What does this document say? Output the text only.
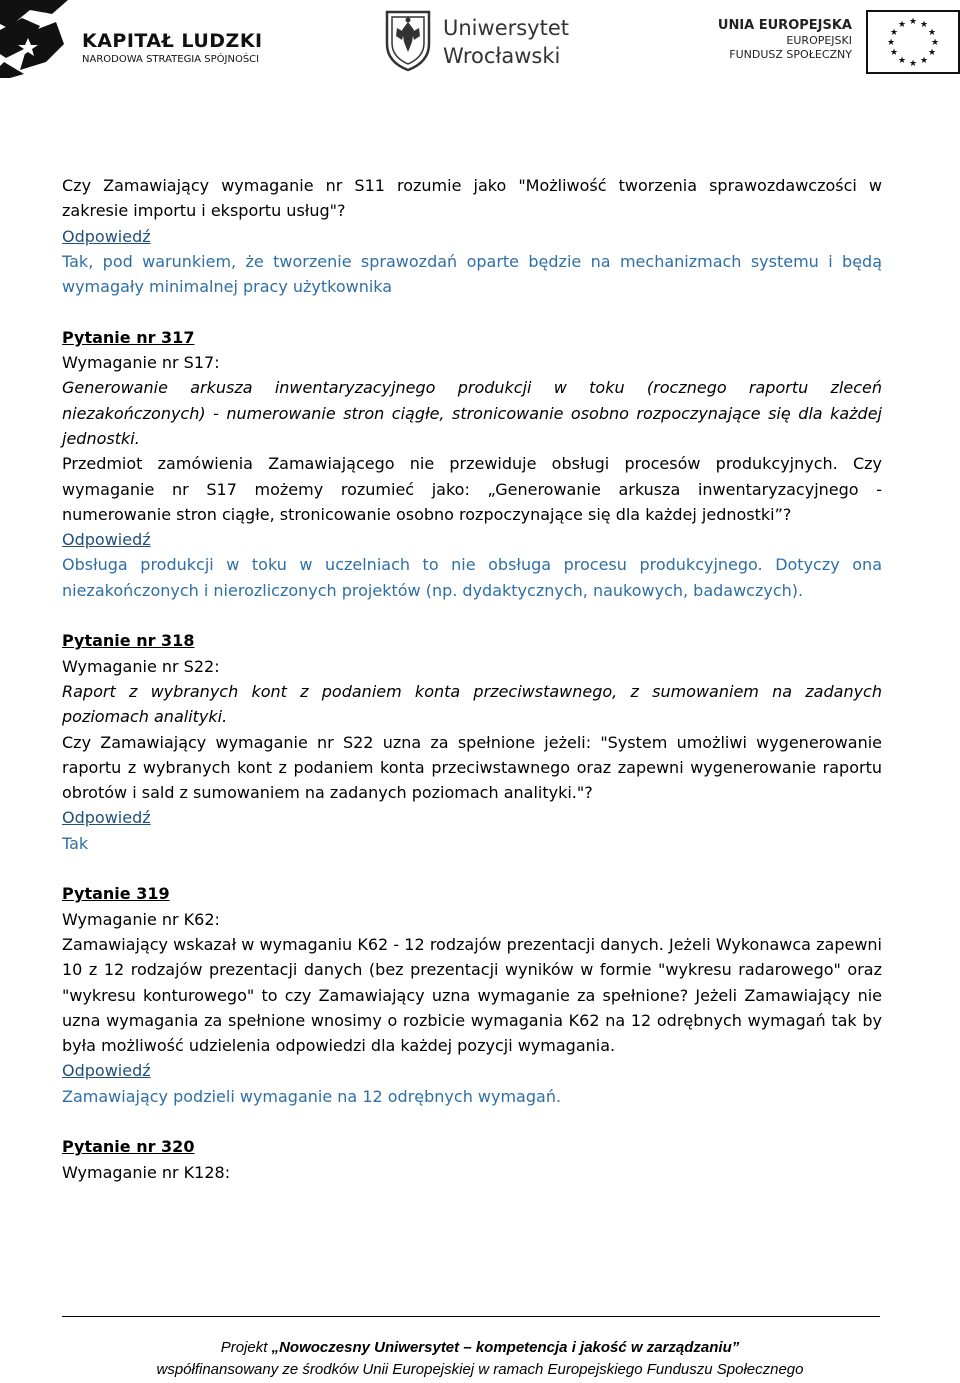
KAPITAŁ LUDZKI
NARODOWA STRATEGIA SPÓJNOŚCI
Uniwersytet
Wrocławski
UNIA EUROPEJSKA
EUROPEJSKI
FUNDUSZ SPOŁECZNY
★ ★
★
★
★
★
★
★
★
★
★
★

Czy Zamawiający wymaganie nr S11 rozumie jako "Możliwość tworzenia sprawozdawczości w zakresie importu i eksportu usług"?

Odpowiedź

Tak, pod warunkiem, że tworzenie sprawozdań oparte będzie na mechanizmach systemu i będą wymagały minimalnej pracy użytkownika

Pytanie nr 317

Wymaganie nr S17:

Generowanie arkusza inwentaryzacyjnego produkcji w toku (rocznego raportu zleceń niezakończonych) - numerowanie stron ciągłe, stronicowanie osobno rozpoczynające się dla każdej jednostki.

Przedmiot zamówienia Zamawiającego nie przewiduje obsługi procesów produkcyjnych. Czy wymaganie nr S17 możemy rozumieć jako: „Generowanie arkusza inwentaryzacyjnego - numerowanie stron ciągłe, stronicowanie osobno rozpoczynające się dla każdej jednostki”?

Odpowiedź

Obsługa produkcji w toku w uczelniach to nie obsługa procesu produkcyjnego. Dotyczy ona niezakończonych i nierozliczonych projektów (np. dydaktycznych, naukowych, badawczych).

Pytanie nr 318

Wymaganie nr S22:

Raport z wybranych kont z podaniem konta przeciwstawnego, z sumowaniem na zadanych poziomach analityki.

Czy Zamawiający wymaganie nr S22 uzna za spełnione jeżeli: "System umożliwi wygenerowanie raportu z wybranych kont z podaniem konta przeciwstawnego oraz zapewni wygenerowanie raportu obrotów i sald z sumowaniem na zadanych poziomach analityki."?

Odpowiedź

Tak

Pytanie 319

Wymaganie nr K62:

Zamawiający wskazał w wymaganiu K62 - 12 rodzajów prezentacji danych. Jeżeli Wykonawca zapewni 10 z 12 rodzajów prezentacji danych (bez prezentacji wyników w formie "wykresu radarowego" oraz "wykresu konturowego" to czy Zamawiający uzna wymaganie za spełnione? Jeżeli Zamawiający nie uzna wymagania za spełnione wnosimy o rozbicie wymagania K62 na 12 odrębnych wymagań tak by była możliwość udzielenia odpowiedzi dla każdej pozycji wymagania.

Odpowiedź

Zamawiający podzieli wymaganie na 12 odrębnych wymagań.

Pytanie nr 320

Wymaganie nr K128:

Projekt „Nowoczesny Uniwersytet – kompetencja i jakość w zarządzaniu”
współfinansowany ze środków Unii Europejskiej w ramach Europejskiego Funduszu Społecznego
